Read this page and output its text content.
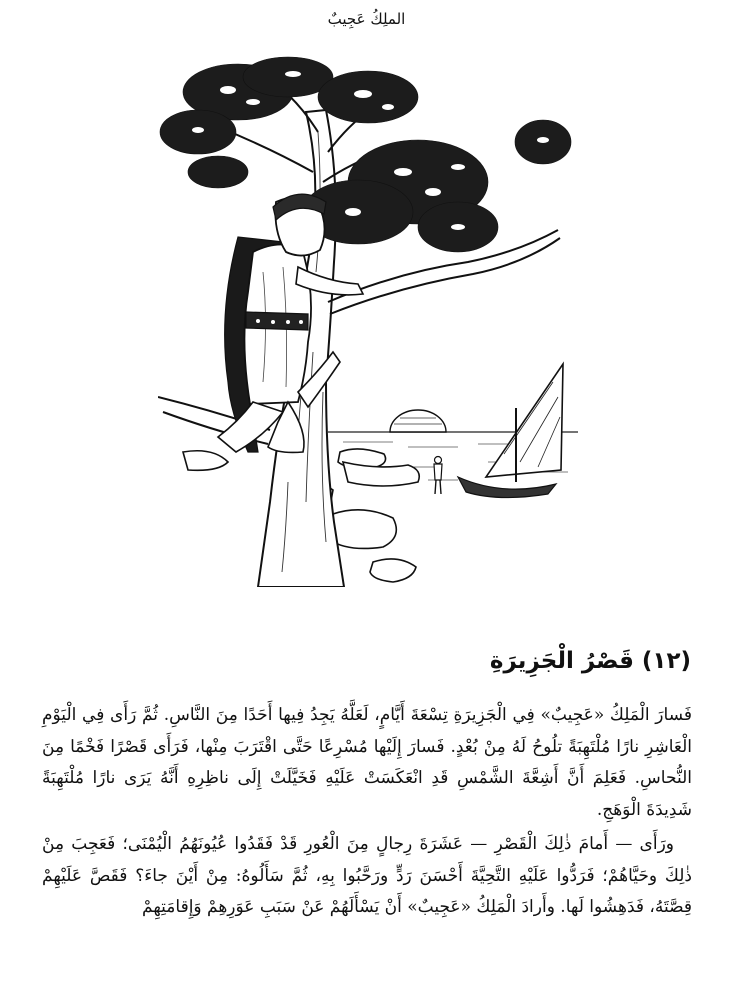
الملِكُ عَجِيبٌ
(١٢) قَصْرُ الْجَزِيرَةِ

فَسارَ الْمَلِكُ «عَجِيبٌ» فِي الْجَزِيرَةِ تِسْعَةَ أَيَّامٍ، لَعَلَّهُ يَجِدُ فِيها أَحَدًا مِنَ النَّاسِ. ثُمَّ رَأَى فِي الْيَوْمِ الْعَاشِرِ نارًا مُلْتَهِبَةً تلُوحُ لَهُ مِنْ بُعْدٍ. فَسارَ إِلَيْها مُسْرِعًا حَتَّى اقْتَرَبَ مِنْها، فَرَأَى قَصْرًا فَخْمًا مِنَ النُّحاسِ. فَعَلِمَ أَنَّ أَشِعَّةَ الشَّمْسِ قَدِ انْعَكَسَتْ عَلَيْهِ فَخَيَّلَتْ إِلَى ناظِرِهِ أَنَّهُ يَرَى نارًا مُلْتَهِبَةً شَدِيدَةَ الْوَهَجِ.

ورَأَى — أَمامَ ذٰلِكَ الْقَصْرِ — عَشَرَةَ رِجالٍ مِنَ الْعُورِ قَدْ فَقَدُوا عُيُونَهُمُ الْيُمْنَى؛ فَعَجِبَ مِنْ ذٰلِكَ وحَيَّاهُمْ؛ فَرَدُّوا عَلَيْهِ التَّحِيَّةَ أَحْسَنَ رَدٍّ ورَحَّبُوا بِهِ، ثُمَّ سَأَلُوهُ: مِنْ أَيْنَ جاءَ؟ فَقَصَّ عَلَيْهِمْ قِصَّتَهُ، فَدَهِشُوا لَها. وأَرادَ الْمَلِكُ «عَجِيبٌ» أَنْ يَسْأَلَهُمْ عَنْ سَبَبِ عَوَرِهِمْ وَإِقامَتِهِمْ
